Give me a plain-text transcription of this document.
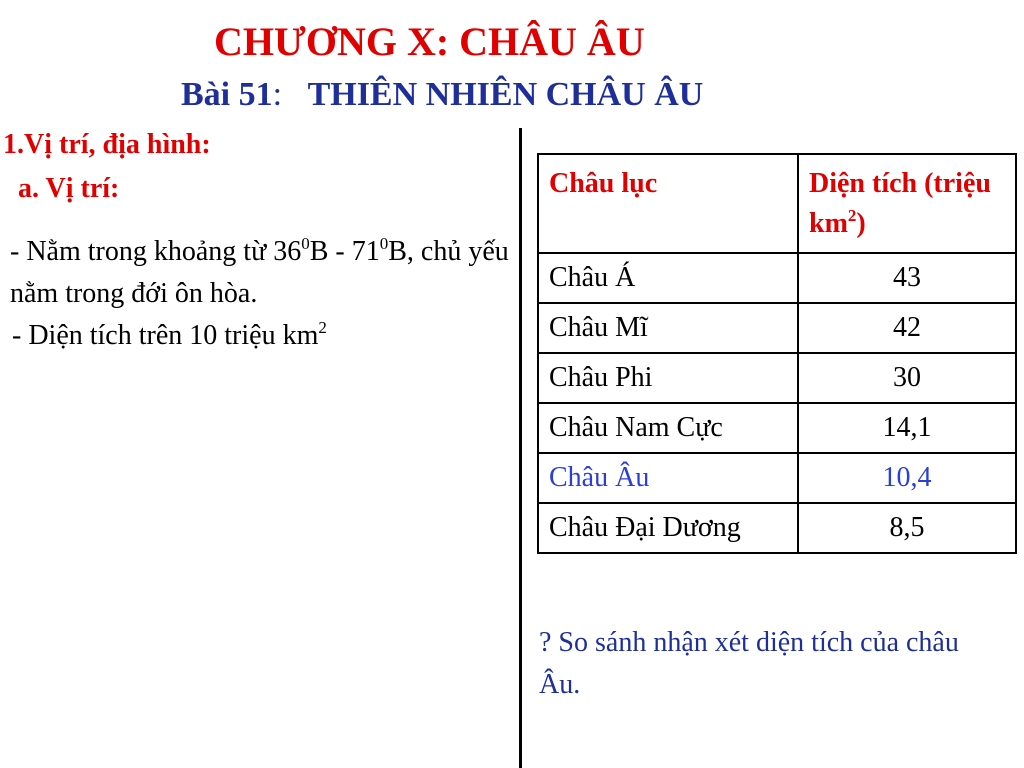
CHƯƠNG X: CHÂU ÂU
Bài 51: THIÊN NHIÊN CHÂU ÂU
1.Vị trí, địa hình:
a. Vị trí:
- Nằm trong khoảng từ $36^0B - 71^0B$, chủ yếu nằm trong đới ôn hòa.
- Diện tích trên 10 triệu $km^2$
Châu lục	Diện tích (triệu $km^2$)
Châu Á	43
Châu Mĩ	42
Châu Phi	30
Châu Nam Cực	14,1
Châu Âu	10,4
Châu Đại Dương	8,5
? So sánh nhận xét diện tích của châu Âu.
